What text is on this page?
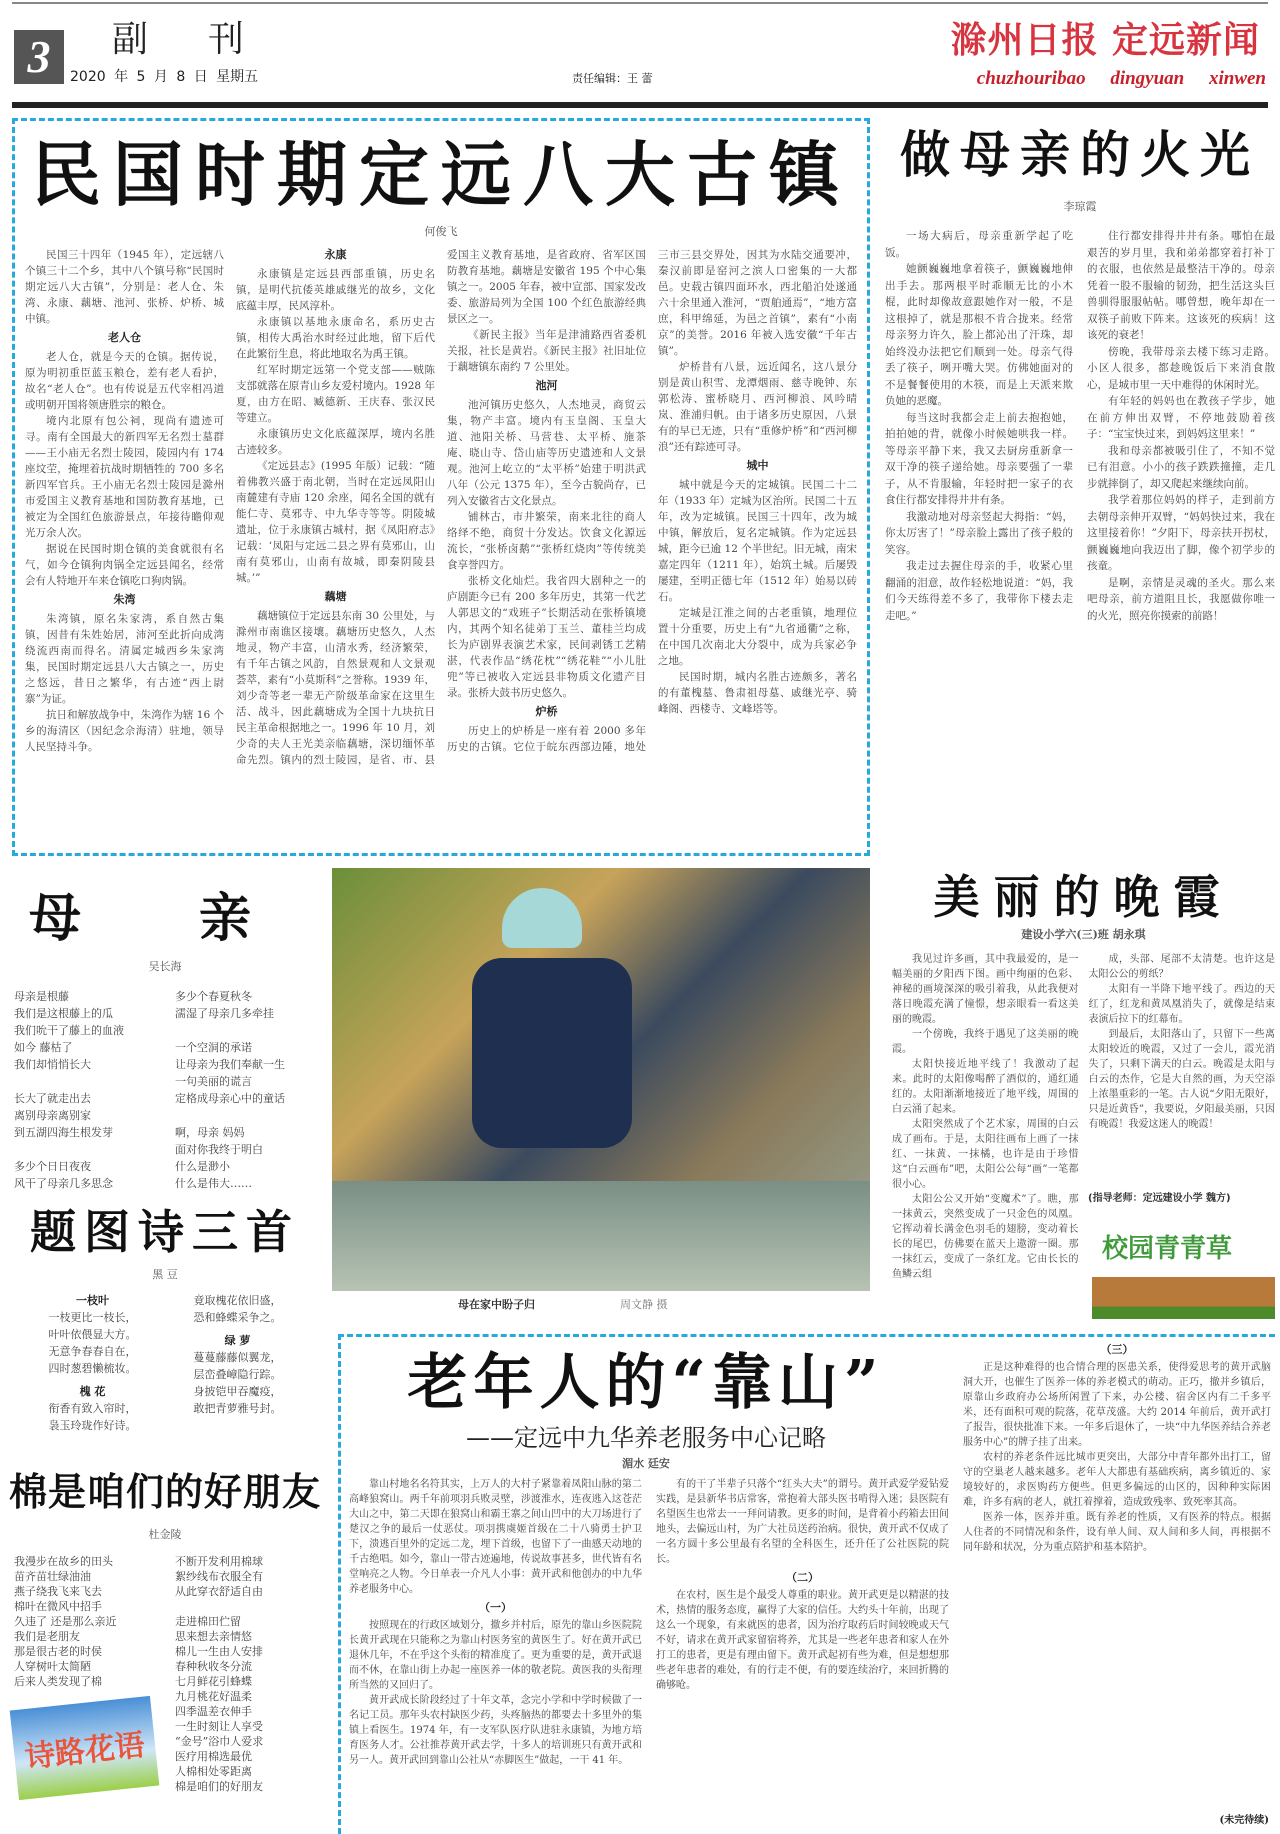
3	副刊
2020 年 5 月 8 日 星期五	责任编辑：王 蕾
滁州日报 定远新闻
chuzhouribao dingyuan xinwen
民国时期定远八大古镇
何俊飞

民国三十四年（1945 年），定远辖八个镇三十二个乡，其中八个镇号称“民国时期定远八大古镇”，分别是：老人仓、朱湾、永康、藕塘、池河、张桥、炉桥、城中镇。

老人仓

老人仓，就是今天的仓镇。据传说，原为明初重臣蓝玉粮仓，差有老人看护，故名“老人仓”。也有传说是五代宰相冯道或明朝开国将领唐胜宗的粮仓。

境内北原有包公祠，现尚有遗迹可寻。南有全国最大的新四军无名烈士墓群——王小庙无名烈士陵园，陵园内有 174 座坟茔，掩埋着抗战时期牺牲的 700 多名新四军官兵。王小庙无名烈士陵园是滁州市爱国主义教育基地和国防教育基地，已被定为全国红色旅游景点，年接待瞻仰观光万余人次。

据说在民国时期仓镇的美食就很有名气，如今仓镇狗肉锅全定远县闻名，经常会有人特地开车来仓镇吃口狗肉锅。

朱湾

朱湾镇，原名朱家湾，系自然古集镇，因昔有朱姓始居，沛河至此折向成湾绕流西南而得名。清属定城西乡朱家湾集，民国时期定远县八大古镇之一，历史之悠远，昔日之繁华，有古迹“西上尉寨”为证。

抗日和解放战争中，朱湾作为辖 16 个乡的海清区（因纪念佘海清）驻地，领导人民坚持斗争。

永康

永康镇是定远县西部重镇，历史名镇，是明代抗倭英雄戚继光的故乡，文化底蕴丰厚，民风淳朴。

永康镇以基地永康命名，系历史古镇，相传大禹治水时经过此地，留下后代在此繁衍生息，将此地取名为禹王镇。

红军时期定远第一个党支部——贼陈支部就落在原青山乡友爱村境内。1928 年夏，由方在昭、臧德新、王庆春、张汉民等建立。

永康镇历史文化底蕴深厚，境内名胜古迹较多。

《定远县志》(1995 年版）记载：“随着佛教兴盛于南北朝，当时在定远凤阳山南麓建有寺庙 120 余座，闻名全国的就有能仁寺、莫邪寺、中九华寺等等。阴陵城遗址，位于永康镇古城村，据《凤阳府志》记载：‘凤阳与定远二县之界有莫邪山，山南有莫邪山，山南有故城，即秦阴陵县城。’”

藕塘

藕塘镇位于定远县东南 30 公里处，与滁州市南谯区接壤。藕塘历史悠久，人杰地灵，物产丰富，山清水秀，经济繁荣，有千年古镇之风韵，自然景观和人文景观荟萃，素有“小莫斯科”之誉称。1939 年，刘少奇等老一辈无产阶级革命家在这里生活、战斗，因此藕塘成为全国十九块抗日民主革命根据地之一。1996 年 10 月，刘少奇的夫人王光美亲临藕塘，深切缅怀革命先烈。镇内的烈士陵园，是省、市、县爱国主义教育基地，是省政府、省军区国防教育基地。藕塘是安徽省 195 个中心集镇之一。2005 年春，被中宣部、国家发改委、旅游局列为全国 100 个红色旅游经典景区之一。

《新民主报》当年是津浦路西省委机关报，社长是黄岩。《新民主报》社旧址位于藕塘镇东南约 7 公里处。

池河

池河镇历史悠久，人杰地灵，商贸云集，物产丰富。境内有玉皇阁、玉皇大道、池阳关桥、马营巷、太平桥、施茶庵、晓山寺、岱山庙等历史遗迹和人文景观。池河上屹立的“太平桥”始建于明洪武八年（公元 1375 年），至今古貌尚存，已列入安徽省古文化景点。

铺林古，市井繁荣，南来北往的商人络绎不绝，商贸十分发达。饮食文化源远流长，“张桥卤鹅”“张桥红烧肉”等传统美食享誉四方。

张桥文化灿烂。我省四大剧种之一的庐剧距今已有 200 多年历史，其第一代艺人郭思文的“戏班子”长期活动在张桥镇境内，其两个知名徒弟丁玉兰、董桂兰均成长为庐剧界表演艺术家，民间剥锈工艺精湛，代表作品“绣花枕”“绣花鞋”“小儿肚兜”等已被收入定远县非物质文化遗产目录。张桥大鼓书历史悠久。

炉桥

历史上的炉桥是一座有着 2000 多年历史的古镇。它位于皖东西部边陲，地处三市三县交界处，因其为水陆交通要冲，秦汉前即是窑河之滨人口密集的一大都邑。史载古镇四面环水，西北船泊处遂通六十余里通入淮河，“贾舶通焉”，“地方富庶，科甲绵延，为邑之首镇”，素有“小南京”的美誉。2016 年被入选安徽“千年古镇”。

炉桥昔有八景，远近闻名，这八景分别是黄山积雪、龙潭烟雨、慈寺晚钟、东郭松涛、蜜桥晓月、西河柳浪、风吟晴岚、淮浦归帆。由于诸多历史原因，八景有的早已无迹，只有“重修炉桥”和“西河柳浪”还有踪迹可寻。

城中

城中就是今天的定城镇。民国二十二年（1933 年）定城为区治所。民国二十五年，改为定城镇。民国三十四年，改为城中镇，解放后，复名定城镇。作为定远县城，距今已逾 12 个半世纪。旧无城，南宋嘉定四年（1211 年），始筑土城。后屡毁屡建，至明正德七年（1512 年）始易以砖石。

定城是江淮之间的古老重镇，地理位置十分重要，历史上有“九省通衢”之称，在中国几次南北大分裂中，成为兵家必争之地。

民国时期，城内名胜古迹颇多，著名的有董槐墓、鲁肃祖母墓、戚继光亭、骑峰阁、西楼寺、文峰塔等。

做母亲的火光
李琼霞

一场大病后，母亲重新学起了吃饭。

她颤巍巍地拿着筷子，颤巍巍地伸出手去。那两根平时乖顺无比的小木棍，此时却像故意跟她作对一般，不是这根掉了，就是那根不肯合拢来。经常母亲努力许久，脸上都沁出了汗珠，却始终没办法把它们顺到一处。母亲气得丢了筷子，咧开嘴大哭。仿佛她面对的不是餐餐使用的木筷，而是上天派来欺负她的恶魔。

每当这时我都会走上前去抱抱她，拍拍她的背，就像小时候她哄我一样。等母亲平静下来，我又去厨房重新拿一双干净的筷子递给她。母亲要强了一辈子，从不肯服输，年轻时把一家子的衣食住行都安排得井井有条。

我激动地对母亲竖起大拇指：“妈，你太厉害了！”母亲脸上露出了孩子般的笑容。

我走过去握住母亲的手，收紧心里翻涌的泪意，故作轻松地说道：“妈，我们今天练得差不多了，我带你下楼去走走吧。”

住行都安排得井井有条。哪怕在最艰苦的岁月里，我和弟弟都穿着打补丁的衣服，也依然是最整洁干净的。母亲凭着一股不服输的韧劲，把生活这头巨兽驯得服服帖帖。哪曾想，晚年却在一双筷子前败下阵来。这该死的疾病！这该死的衰老！

傍晚，我带母亲去楼下练习走路。小区人很多，都趁晚饭后下来消食散心，是城市里一天中难得的休闲时光。

有年轻的妈妈也在教孩子学步，她在前方伸出双臂，不停地鼓励着孩子：“宝宝快过来，到妈妈这里来！”

我和母亲都被吸引住了，不知不觉已有泪意。小小的孩子跌跌撞撞，走几步就摔倒了，却又爬起来继续向前。

我学着那位妈妈的样子，走到前方去朝母亲伸开双臂，“妈妈快过来，我在这里接着你！”夕阳下，母亲扶开拐杖，颤巍巍地向我迈出了脚，像个初学步的孩童。

是啊，亲情是灵魂的圣火。那么来吧母亲，前方道阻且长，我愿做你唯一的火光，照亮你摸索的前路！

母 亲
吴长海
母亲是根藤
我们是这根藤上的瓜
我们吮干了藤上的血液
如今 藤枯了
我们却悄悄长大

长大了就走出去
离别母亲离别家
到五湖四海生根发芽

多少个日日夜夜
风干了母亲几多思念
多少个春夏秋冬
濡湿了母亲几多牵挂

一个空洞的承诺
让母亲为我们奉献一生
一句美丽的谎言
定格成母亲心中的童话

啊，母亲 妈妈
面对你我终于明白
什么是渺小
什么是伟大……
题图诗三首
黑 豆
一枝叶
一枝更比一枝长，
叶叶依偎显大方。
无意争春春自在，
四时葱碧懒梳妆。
槐 花
衔香有致入帘时，
袅玉玲珑作好诗。
竟取槐花依旧盛，
恐和蜂蝶采争之。
绿 萝
蔓蔓藤藤似翼龙，
层峦叠嶂隐行踪。
身披铠甲吞魔疫，
敢把青萝雅号封。
棉是咱们的好朋友
杜金陵
我漫步在故乡的田头
苗齐苗壮绿油油
燕子绕我飞来飞去
棉叶在微风中招手
久违了 还是那么亲近
我们是老朋友
那是很古老的时侯
人穿树叶太简陋
后来人类发现了棉
诗路花语
不断开发利用棉球
絮纱线布衣服全有
从此穿衣舒适自由

走进棉田伫留
思来想去亲情悠
棉儿一生由人安排
春种秋收冬分流
七月鲜花引蜂蝶
九月桃花好温柔
四季温差衣伸手
一生时刻让人享受
“金号”浴巾人爱求
医疗用棉选最优
人棉相处零距离
棉是咱们的好朋友
母在家中盼子归	周文静 摄
美丽的晚霞
建设小学六(三)班 胡永琪

我见过许多画，其中我最爱的，是一幅美丽的夕阳西下图。画中绚丽的色彩、神秘的画境深深的吸引着我，从此我便对落日晚霞充满了憧憬，想亲眼看一看这美丽的晚霞。

一个傍晚，我终于遇见了这美丽的晚霞。

太阳快接近地平线了！我激动了起来。此时的太阳像喝醉了酒似的，通红通红的。太阳渐渐地接近了地平线，周围的白云涌了起来。

太阳突然成了个艺术家，周围的白云成了画布。于是，太阳往画布上画了一抹红、一抹黄、一抹橘，也许是由于珍惜这“白云画布”吧，太阳公公每“画”一笔都很小心。

太阳公公又开始“变魔术”了。瞧，那一抹黄云，突然变成了一只金色的凤凰。它挥动着长满金色羽毛的翅膀，变动着长长的尾巴，仿佛要在蓝天上遨游一圈。那一抹红云，变成了一条红龙。它由长长的鱼鳞云组

成，头部、尾部不太清楚。也许这是太阳公公的剪纸？

太阳有一半降下地平线了。西边的天红了，红龙和黄凤凰消失了，就像是结束表演后拉下的红幕布。

到最后，太阳落山了，只留下一些离太阳较近的晚霞，又过了一会儿，霞光消失了，只剩下满天的白云。晚霞是太阳与白云的杰作，它是大自然的画，为天空添上浓墨重彩的一笔。古人说“夕阳无限好，只是近黄昏”，我要说，夕阳最美丽，只因有晚霞！我爱这迷人的晚霞！

(指导老师：定远建设小学 魏方)
校园青青草
老年人的“靠山”
——定远中九华养老服务中心记略
湄水 廷安

靠山村地名名符其实，上万人的大村子紧靠着凤阳山脉的第二高峰狼窝山。两千年前项羽兵败灵壁，涉渡淮水，连夜逃入这苍茫大山之中，第二天即在狼窝山和霸王寨之间山凹中的大刀场进行了楚汉之争的最后一仗恶仗。项羽携虞姬首级在二十八骑勇士护卫下，溃逃百里外的定远二龙，埋下首级，也留下了一曲感天动地的千古绝唱。如今，靠山一带古迹遍地，传说故事甚多，世代皆有名堂响亮之人物。今日单表一介凡人小事：黄开武和他创办的中九华养老服务中心。

（一）

按照现在的行政区域划分，撤乡并村后，原先的靠山乡医院院长黄开武现在只能称之为靠山村医务室的黄医生了。好在黄开武已退休几年，不在乎这个头衔的精准度了。更为重要的是，黄开武退而不休，在靠山街上办起一座医养一体的敬老院。黄医我的头衔理所当然的又回归了。

黄开武成长阶段经过了十年文革，念完小学和中学时候做了一名记工员。那年头农村缺医少药，头疼脑热的都要去十多里外的集镇上看医生。1974 年，有一支军队医疗队进驻永康镇，为地方培育医务人才。公社推荐黄开武去学，十多人的培训班只有黄开武和另一人。黄开武回到靠山公社从“赤脚医生”做起，一干 41 年。

有的干了半辈子只落个“红头大夫”的谓号。黄开武爱学爱钻爱实践，是县新华书店常客，常抱着大部头医书啃得入迷；县医院有名望医生也常去一一拜问请教。更多的时间，是背着小药箱去田间地头，去偏远山村，为广大社员送药治病。很快，黄开武不仅成了一名方圆十多公里最有名望的全科医生，还升任了公社医院的院长。

（二）

在农村，医生是个最受人尊重的职业。黄开武更是以精湛的技术，热情的服务态度，赢得了大家的信任。大约头十年前，出现了这么一个现象，有来就医的患者，因为治疗取药后时间较晚或天气不好，请求在黄开武家留宿将养，尤其是一些老年患者和家人在外打工的患者，更是有理由留下。黄开武起初有些为难，但是想想那些老年患者的难处，有的行走不便，有的要连续治疗，来回折腾的确够呛。

（三）

正是这种难得的也合情合理的医患关系，使得爱思考的黄开武脑洞大开，也催生了医养一体的养老模式的萌动。正巧，撤并乡镇后，原靠山乡政府办公场所闲置了下来，办公楼、宿舍区内有二千多平米，还有面积可观的院落，花草茂盛。大约 2014 年前后，黄开武打了报告，很快批准下来。一年多后退休了，一块“中九华医养结合养老服务中心”的牌子挂了出来。

农村的养老条件远比城市更突出，大部分中青年都外出打工，留守的空巢老人越来越多。老年人大都患有基础疾病，离乡镇近的、家境较好的，求医购药方便些。但更多偏远的山区的，因种种实际困难，许多有病的老人，就扛着撑着，造成致残率、致死率其高。

医养一体，医养并重。既有养老的性质，又有医养的特点。根据人住者的不同情况和条件，设有单人间、双人间和多人间，再根据不同年龄和状况，分为重点陪护和基本陪护。

(未完待续)
